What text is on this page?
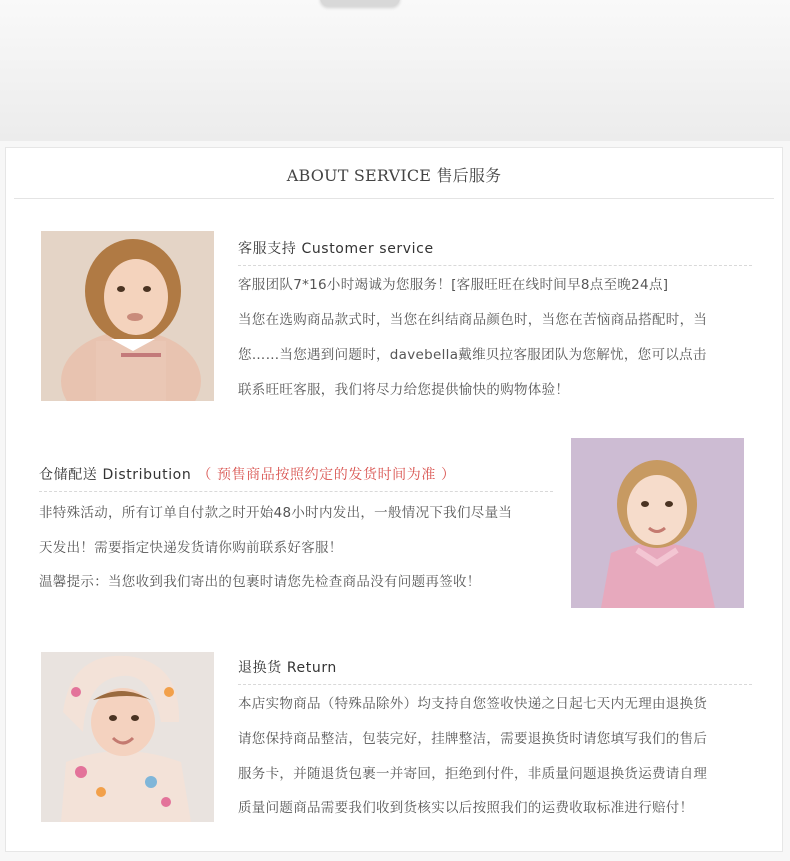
ABOUT SERVICE 售后服务
客服支持 Customer service
客服团队7*16小时竭诚为您服务！[客服旺旺在线时间早8点至晚24点]
当您在选购商品款式时，当您在纠结商品颜色时，当您在苦恼商品搭配时，当
您……当您遇到问题时，davebella戴维贝拉客服团队为您解忧，您可以点击
联系旺旺客服，我们将尽力给您提供愉快的购物体验！
仓储配送 Distribution （ 预售商品按照约定的发货时间为准 ）
非特殊活动，所有订单自付款之时开始48小时内发出，一般情况下我们尽量当
天发出！需要指定快递发货请你购前联系好客服！
温馨提示：当您收到我们寄出的包裹时请您先检查商品没有问题再签收！
退换货 Return
本店实物商品（特殊品除外）均支持自您签收快递之日起七天内无理由退换货
请您保持商品整洁，包装完好，挂牌整洁，需要退换货时请您填写我们的售后
服务卡，并随退货包裹一并寄回，拒绝到付件，非质量问题退换货运费请自理
质量问题商品需要我们收到货核实以后按照我们的运费收取标准进行赔付！
